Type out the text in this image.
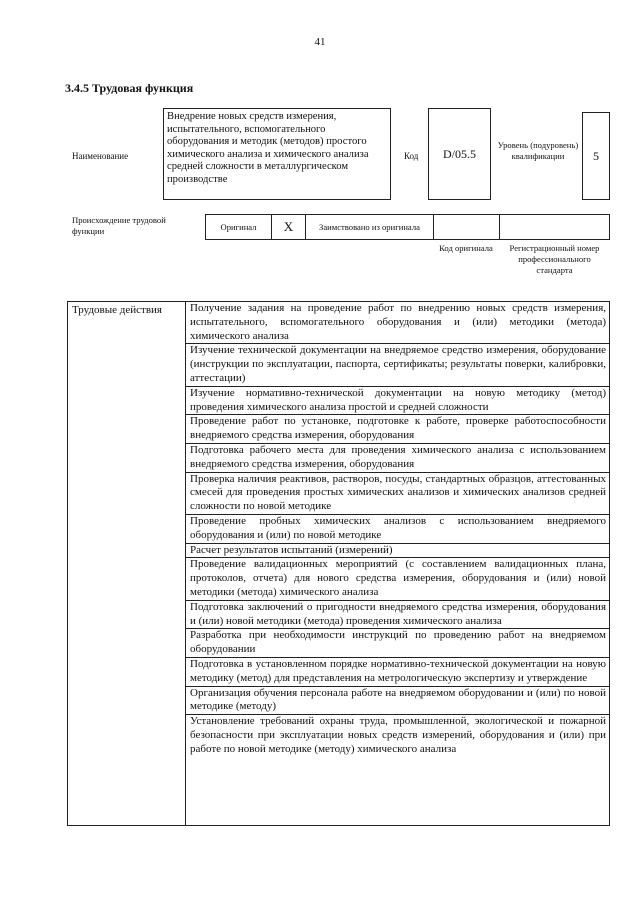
41
3.4.5 Трудовая функция
Наименование
Внедрение новых средств измерения, испытательного, вспомогательного оборудования и методик (методов) простого химического анализа и химического анализа средней сложности в металлургическом производстве
Код	D/05.5
Уровень (подуровень) квалификации	5
Происхождение трудовой функции	Оригинал	X	Заимствовано из оригинала
Код оригинала	Регистрационный номер профессионального стандарта
Трудовые действия	Получение задания на проведение работ по внедрению новых средств измерения, испытательного, вспомогательного оборудования и (или) методики (метода) химического анализа
Изучение технической документации на внедряемое средство измерения, оборудование (инструкции по эксплуатации, паспорта, сертификаты; результаты поверки, калибровки, аттестации)
Изучение нормативно-технической документации на новую методику (метод) проведения химического анализа простой и средней сложности
Проведение работ по установке, подготовке к работе, проверке работоспособности внедряемого средства измерения, оборудования
Подготовка рабочего места для проведения химического анализа с использованием внедряемого средства измерения, оборудования
Проверка наличия реактивов, растворов, посуды, стандартных образцов, аттестованных смесей для проведения простых химических анализов и химических анализов средней сложности по новой методике
Проведение пробных химических анализов с использованием внедряемого оборудования и (или) по новой методике
Расчет результатов испытаний (измерений)
Проведение валидационных мероприятий (с составлением валидационных плана, протоколов, отчета) для нового средства измерения, оборудования и (или) новой методики (метода) химического анализа
Подготовка заключений о пригодности внедряемого средства измерения, оборудования и (или) новой методики (метода) проведения химического анализа
Разработка при необходимости инструкций по проведению работ на внедряемом оборудовании
Подготовка в установленном порядке нормативно-технической документации на новую методику (метод) для представления на метрологическую экспертизу и утверждение
Организация обучения персонала работе на внедряемом оборудовании и (или) по новой методике (методу)
Установление требований охраны труда, промышленной, экологической и пожарной безопасности при эксплуатации новых средств измерений, оборудования и (или) при работе по новой методике (методу) химического анализа
